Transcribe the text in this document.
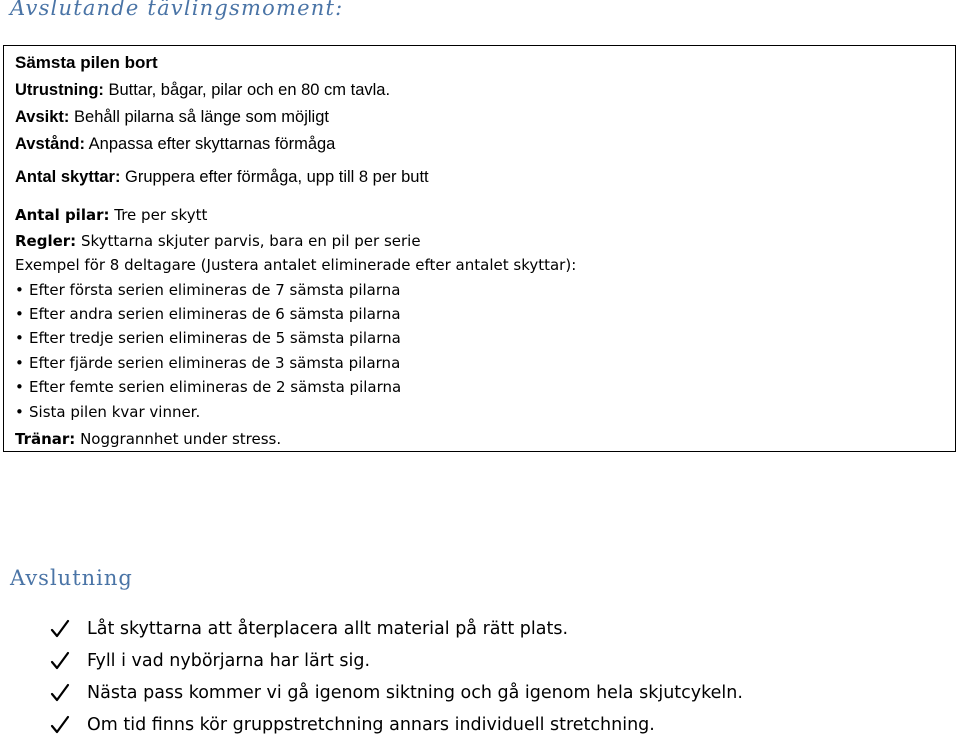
Avslutande tävlingsmoment:
Sämsta pilen bort
Utrustning: Buttar, bågar, pilar och en 80 cm tavla.
Avsikt: Behåll pilarna så länge som möjligt
Avstånd: Anpassa efter skyttarnas förmåga
Antal skyttar: Gruppera efter förmåga, upp till 8 per butt
Antal pilar: Tre per skytt
Regler: Skyttarna skjuter parvis, bara en pil per serie
Exempel för 8 deltagare (Justera antalet eliminerade efter antalet skyttar):
• Efter första serien elimineras de 7 sämsta pilarna
• Efter andra serien elimineras de 6 sämsta pilarna
• Efter tredje serien elimineras de 5 sämsta pilarna
• Efter fjärde serien elimineras de 3 sämsta pilarna
• Efter femte serien elimineras de 2 sämsta pilarna
• Sista pilen kvar vinner.
Tränar: Noggrannhet under stress.
Avslutning
Låt skyttarna att återplacera allt material på rätt plats.
Fyll i vad nybörjarna har lärt sig.
Nästa pass kommer vi gå igenom siktning och gå igenom hela skjutcykeln.
Om tid finns kör gruppstretchning annars individuell stretchning.
